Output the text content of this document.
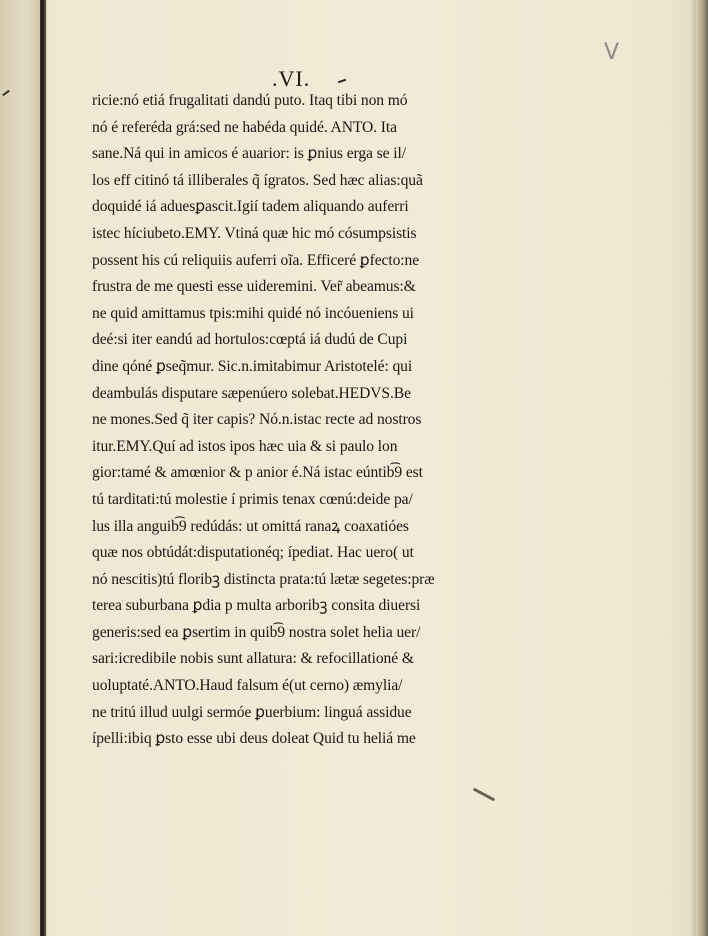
V
.VI.
ricie:nó etiá frugalitati dandú puto. Itaq tibi non mó
nó é referéda grá:sed ne habéda quidé. ANTO. Ita
sane.Ná qui in amicos é auarior: is ꝑnius erga se il/
los eff citinó tá illiberales q̃ ígratos. Sed hæc alias:quã
doquidé iá aduesꝑascit.Igií tadem aliquando auferri
istec híciubeto.EMY. Vtiná quæ hic mó cósumpsistis
possent his cú reliquiis auferri oĩa. Efficeré ꝑfecto:ne
frustra de me questi esse uideremini. Ver̃ abeamus:&
ne quid amittamus tpis:mihi quidé nó incóueniens ui
deé:si iter eandú ad hortulos:cœptá iá dudú de Cupi
dine qóné ꝑseq̃mur. Sic.n.imitabimur Aristotelé: qui
deambulás disputare sæpenúero solebat.HEDVS.Be
ne mones.Sed q̃ iter capis? Nó.n.istac recte ad nostros
itur.EMY.Quí ad istos ipos hæc uia & si paulo lon
gior:tamé & amœnior & p anior é.Ná istac eúntib͡9 est
tú tarditati:tú molestie í primis tenax cœnú:deide pa/
lus illa anguib͡9 redúdás: ut omittá ranaꝝ coaxatióes
quæ nos obtúdát:disputationéq; ípediat. Hac uero( ut
nó nescitis)tú floribꝫ distincta prata:tú lætæ segetes:præ
terea suburbana ꝑdia p multa arboribꝫ consita diuersi
generis:sed ea ꝑsertim in quib͡9 nostra solet helia uer/
sari:icredibile nobis sunt allatura: & refocillationé &
uoluptaté.ANTO.Haud falsum é(ut cerno) æmylia/
ne tritú illud uulgi sermóe ꝑuerbium: linguá assidue
ípelli:ibiq ꝑsto esse ubi deus doleat Quid tu heliá me
